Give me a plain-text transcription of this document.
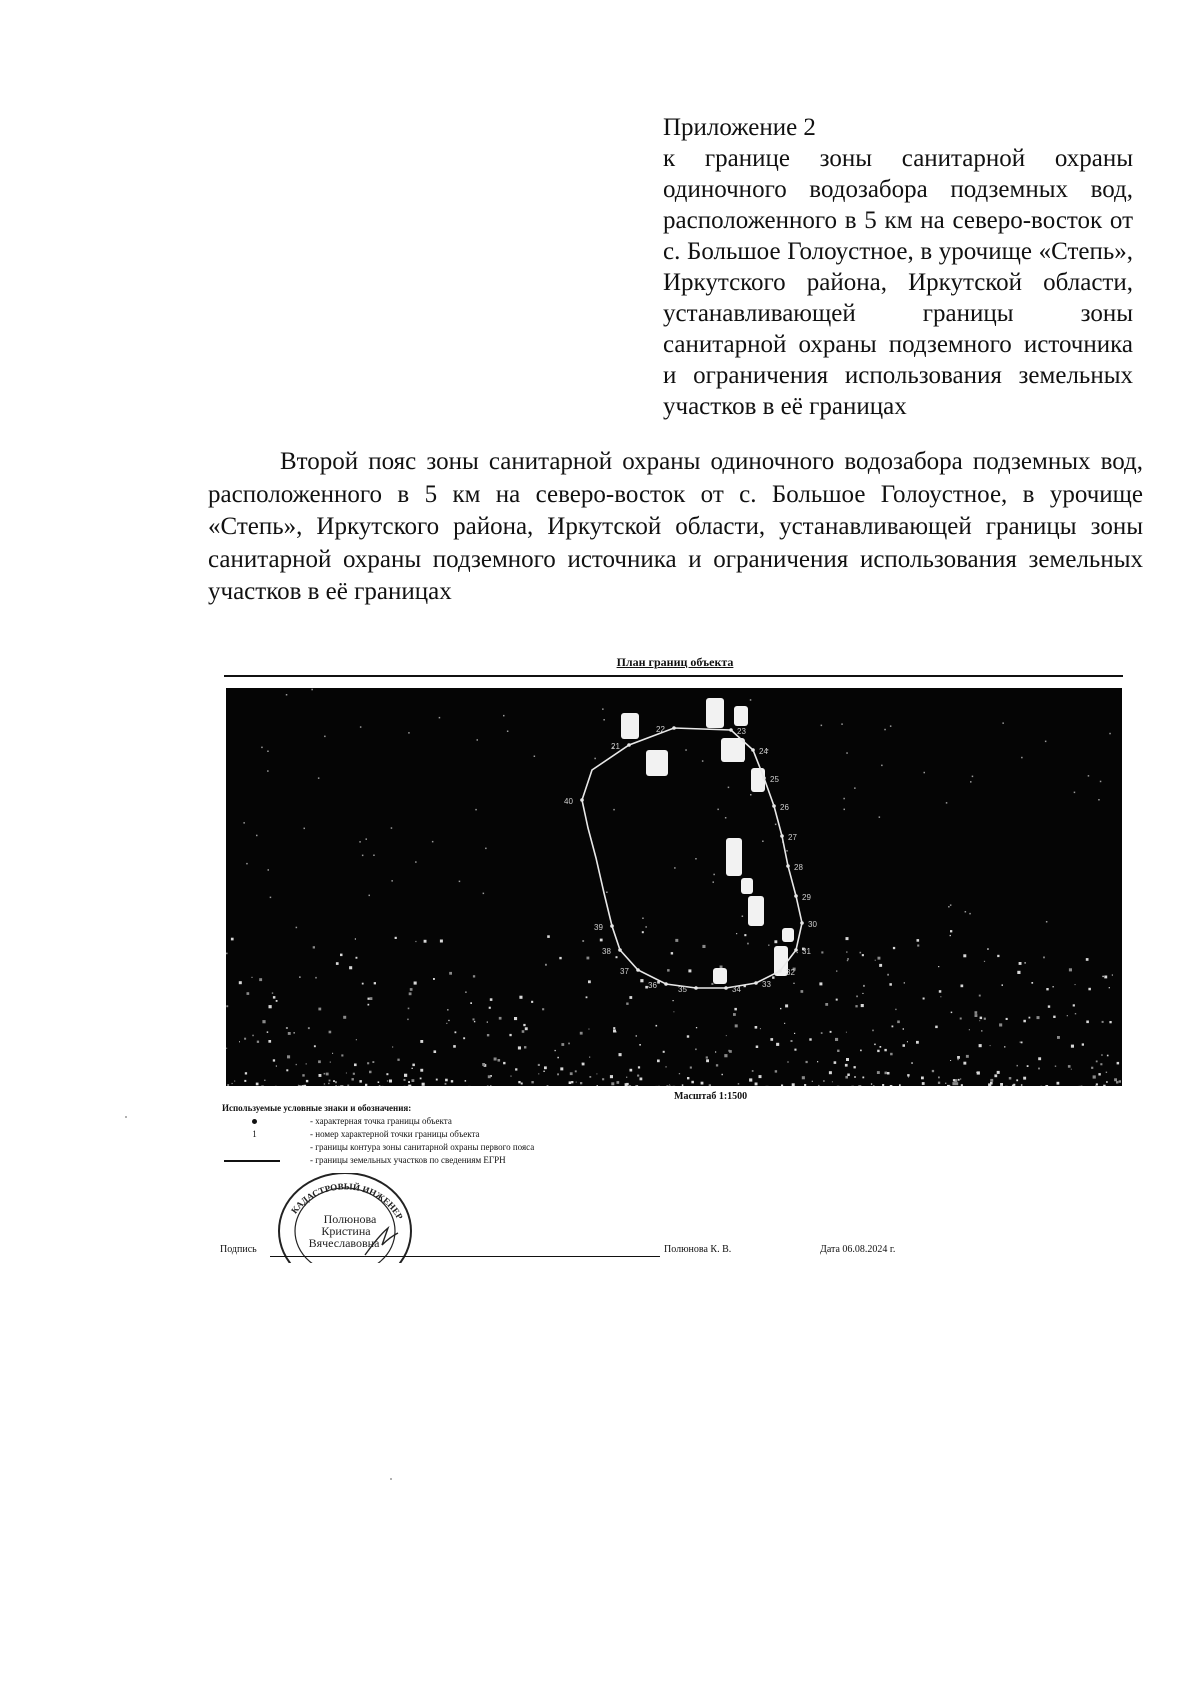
Приложение 2
к границе зоны санитарной охраны одиночного водозабора подземных вод, расположенного в 5 км на северо-восток от с. Большое Голоустное, в урочище «Степь», Иркутского района, Иркутской области, устанавливающей границы зоны санитарной охраны подземного источника и ограничения использования земельных участков в её границах
Второй пояс зоны санитарной охраны одиночного водозабора подземных вод, расположенного в 5 км на северо-восток от с. Большое Голоустное, в урочище «Степь», Иркутского района, Иркутской области, устанавливающей границы зоны санитарной охраны подземного источника и ограничения использования земельных участков в её границах
План границ объекта
21
22	23
24
25
26
27
28
29
30
31
32
33
34
35
36
37
38
39
40
Масштаб 1:1500
Используемые условные знаки и обозначения:
- характерная точка границы объекта
1	- номер характерной точки границы объекта
- границы контура зоны санитарной охраны первого пояса
- границы земельных участков по сведениям ЕГРН
КАДАСТРОВЫЙ ИНЖЕНЕР
Полюнова
Кристина
Вячеславовна
Подпись	Полюнова К. В.	Дата 06.08.2024 г.
